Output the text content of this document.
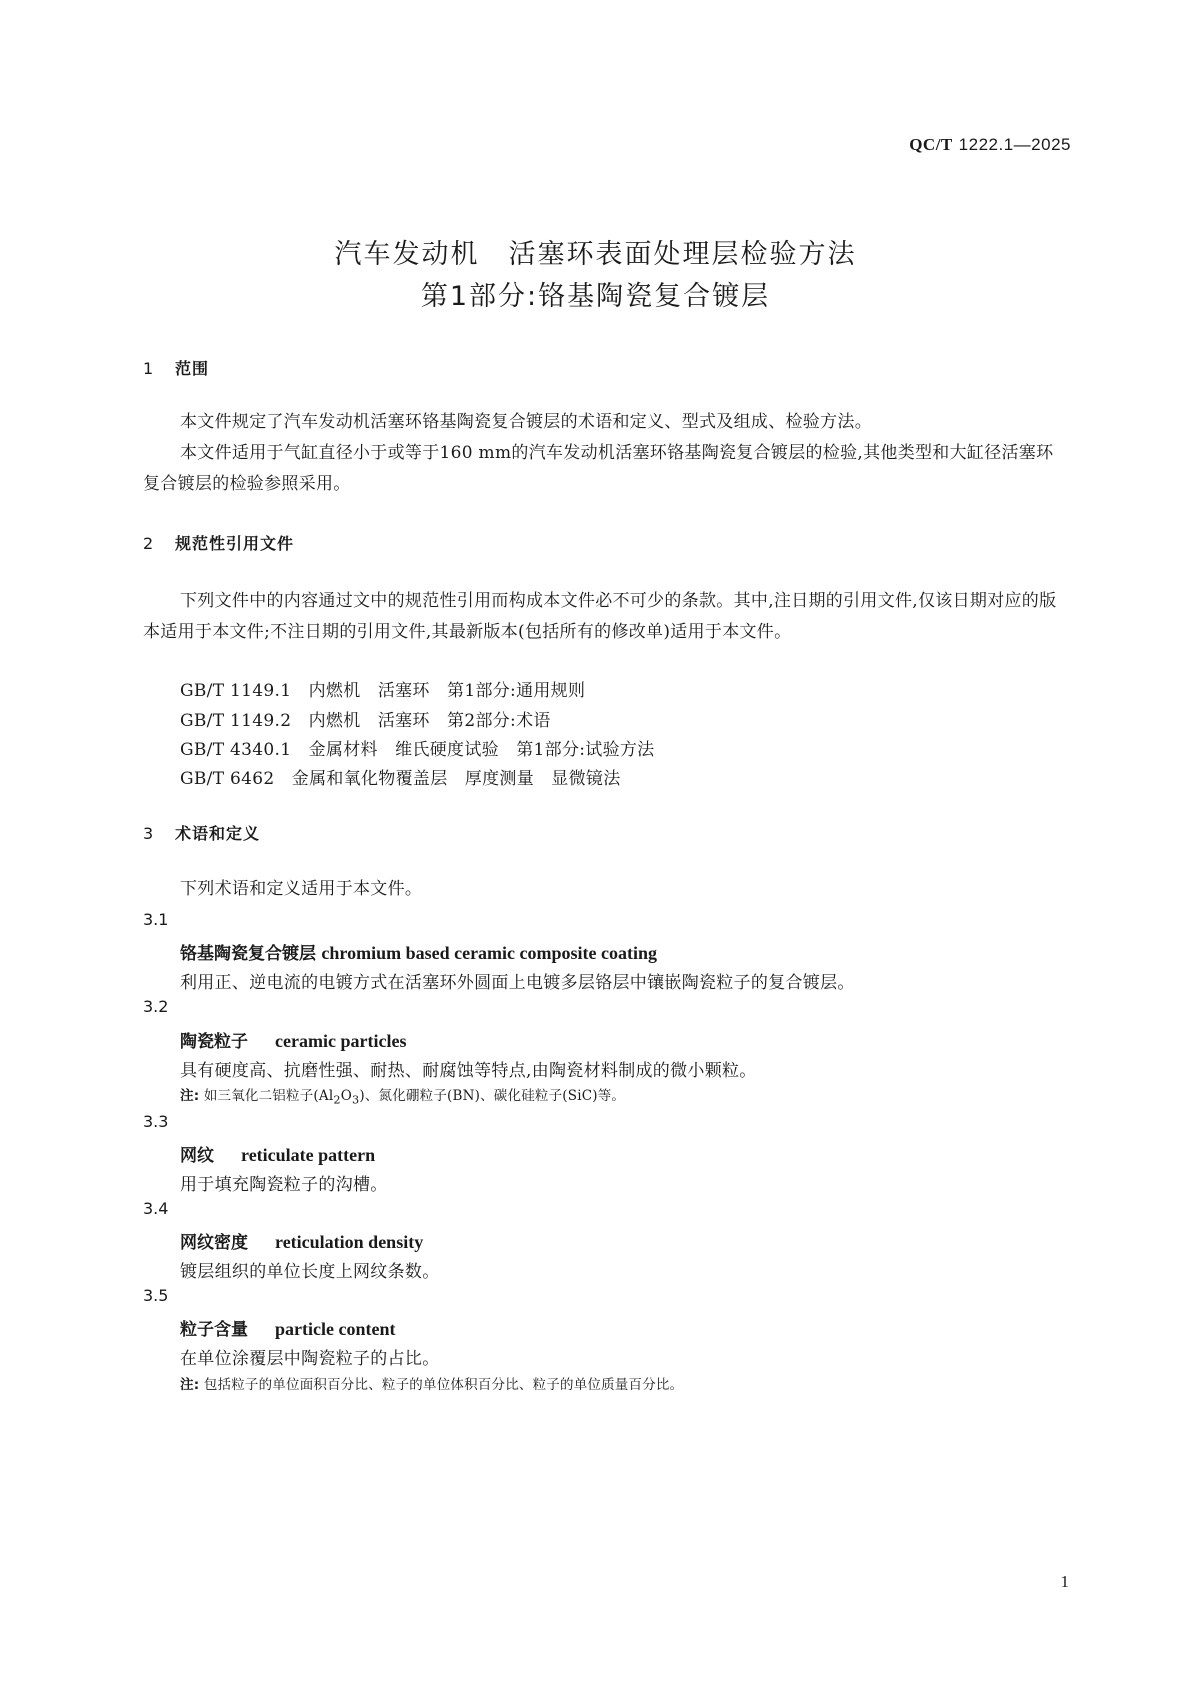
QC/T 1222.1—2025
汽车发动机　活塞环表面处理层检验方法
第1部分:铬基陶瓷复合镀层
1 范围
本文件规定了汽车发动机活塞环铬基陶瓷复合镀层的术语和定义、型式及组成、检验方法。
本文件适用于气缸直径小于或等于160 mm的汽车发动机活塞环铬基陶瓷复合镀层的检验,其他类型和大缸径活塞环复合镀层的检验参照采用。
2 规范性引用文件
下列文件中的内容通过文中的规范性引用而构成本文件必不可少的条款。其中,注日期的引用文件,仅该日期对应的版本适用于本文件;不注日期的引用文件,其最新版本(包括所有的修改单)适用于本文件。
GB/T 1149.1　内燃机　活塞环　第1部分:通用规则
GB/T 1149.2　内燃机　活塞环　第2部分:术语
GB/T 4340.1　金属材料　维氏硬度试验　第1部分:试验方法
GB/T 6462　金属和氧化物覆盖层　厚度测量　显微镜法
3 术语和定义
下列术语和定义适用于本文件。
3.1
铬基陶瓷复合镀层 chromium based ceramic composite coating
利用正、逆电流的电镀方式在活塞环外圆面上电镀多层铬层中镶嵌陶瓷粒子的复合镀层。
3.2
陶瓷粒子 ceramic particles
具有硬度高、抗磨性强、耐热、耐腐蚀等特点,由陶瓷材料制成的微小颗粒。
注: 如三氧化二铝粒子$(Al_2O_3)$、氮化硼粒子(BN)、碳化硅粒子(SiC)等。
3.3
网纹 reticulate pattern
用于填充陶瓷粒子的沟槽。
3.4
网纹密度 reticulation density
镀层组织的单位长度上网纹条数。
3.5
粒子含量 particle content
在单位涂覆层中陶瓷粒子的占比。
注: 包括粒子的单位面积百分比、粒子的单位体积百分比、粒子的单位质量百分比。
1
